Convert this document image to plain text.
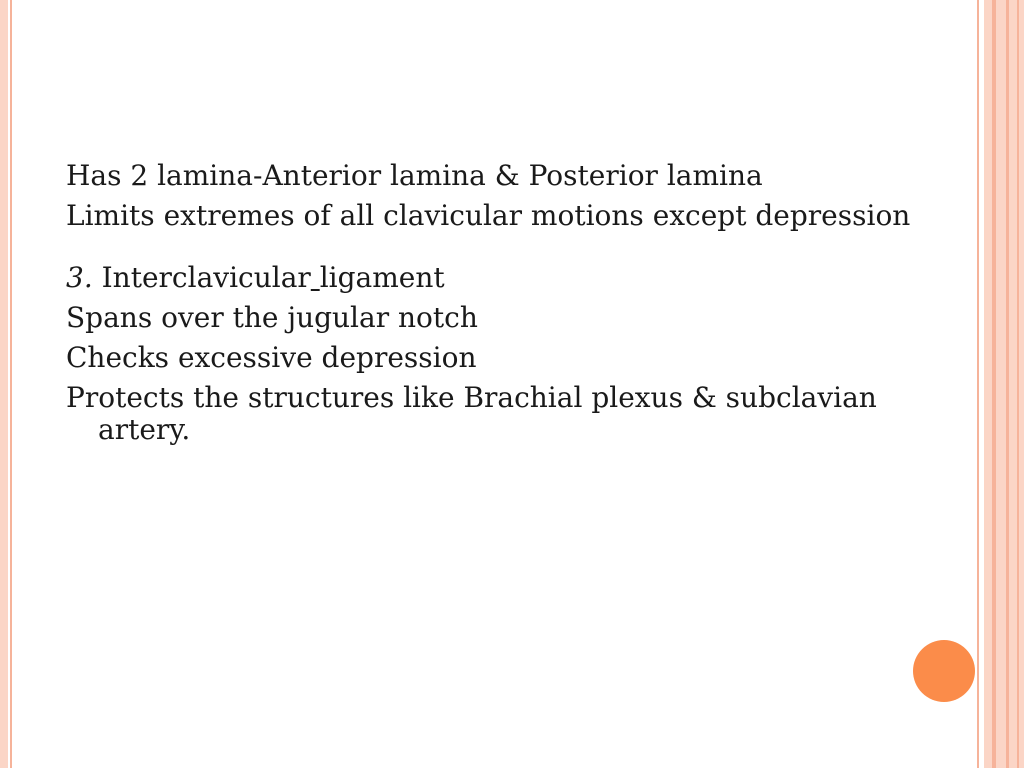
Has 2 lamina-Anterior lamina & Posterior lamina

Limits extremes of all clavicular motions except depression

3. Interclavicular ligament

Spans over the jugular notch

Checks excessive depression

Protects the structures like Brachial plexus & subclavian artery.
